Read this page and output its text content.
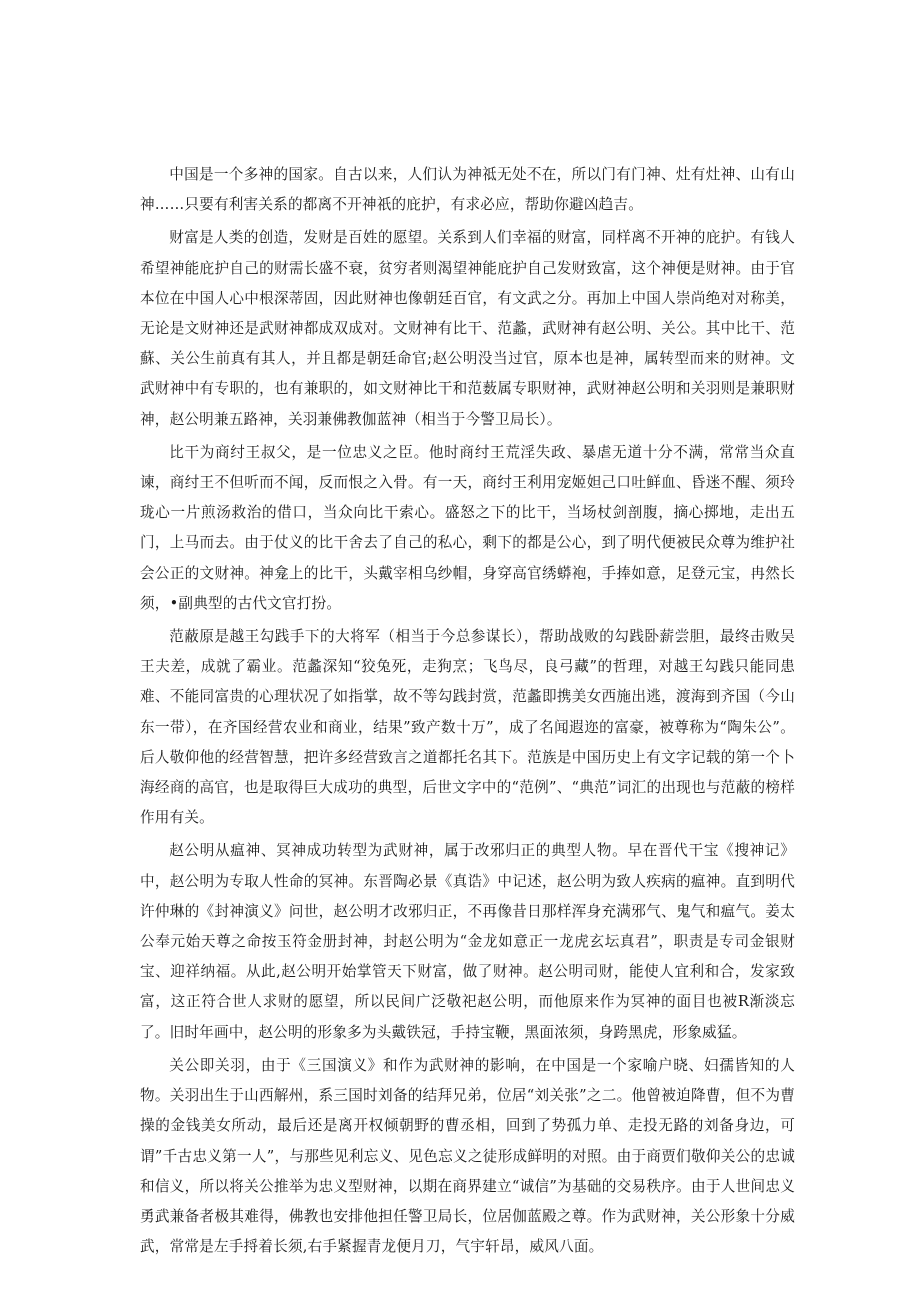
中国是一个多神的国家。自古以来，人们认为神祗无处不在，所以门有门神、灶有灶神、山有山神……只要有利害关系的都离不开神祇的庇护，有求必应，帮助你避凶趋吉。

财富是人类的创造，发财是百姓的愿望。关系到人们幸福的财富，同样离不开神的庇护。有钱人希望神能庇护自己的财需长盛不衰，贫穷者则渴望神能庇护自己发财致富，这个神便是财神。由于官本位在中国人心中根深蒂固，因此财神也像朝廷百官，有文武之分。再加上中国人崇尚绝对对称美，无论是文财神还是武财神都成双成对。文财神有比干、范蠡，武财神有赵公明、关公。其中比干、范蘇、关公生前真有其人，并且都是朝廷命官;赵公明没当过官，原本也是神，属转型而来的财神。文武财神中有专职的，也有兼职的，如文财神比干和范薮属专职财神，武财神赵公明和关羽则是兼职财神，赵公明兼五路神，关羽兼佛教伽蓝神（相当于今警卫局长）。

比干为商纣王叔父，是一位忠义之臣。他时商纣王荒淫失政、暴虐无道十分不满，常常当众直谏，商纣王不但听而不闻，反而恨之入骨。有一天，商纣王利用宠姬妲己口吐鲜血、昏迷不醒、须玲珑心一片煎汤救治的借口，当众向比干索心。盛怒之下的比干，当场杖剑剖腹，摘心掷地，走出五门，上马而去。由于仗义的比干舍去了自己的私心，剩下的都是公心，到了明代便被民众尊为维护社会公正的文财神。神龛上的比干，头戴宰相乌纱帽，身穿高官绣蟒袍，手捧如意，足登元宝，冉然长须，•副典型的古代文官打扮。

范蔽原是越王勾践手下的大将军（相当于今总参谋长），帮助战败的勾践卧薪尝胆，最终击败吴王夫差，成就了霸业。范蠡深知“狡兔死，走狗烹；飞鸟尽，良弓藏”的哲理，对越王勾践只能同患难、不能同富贵的心理状况了如指掌，故不等勾践封赏，范蠡即携美女西施出逃，渡海到齐国（今山东一带），在齐国经营农业和商业，结果”致产数十万”，成了名闻遐迩的富豪，被尊称为“陶朱公”。后人敬仰他的经营智慧，把许多经营致言之道都托名其下。范族是中国历史上有文字记载的第一个卜海经商的高官，也是取得巨大成功的典型，后世文字中的“范例”、“典范”词汇的出现也与范蔽的榜样作用有关。

赵公明从瘟神、冥神成功转型为武财神，属于改邪归正的典型人物。早在晋代干宝《搜神记》中，赵公明为专取人性命的冥神。东晋陶必景《真诰》中记述，赵公明为致人疾病的瘟神。直到明代许仲琳的《封神演义》问世，赵公明才改邪归正，不再像昔日那样浑身充满邪气、鬼气和瘟气。姜太公奉元始天尊之命按玉符金册封神，封赵公明为“金龙如意正一龙虎玄坛真君”，职责是专司金银财宝、迎祥纳福。从此,赵公明开始掌管天下财富，做了财神。赵公明司财，能使人宜利和合，发家致富，这正符合世人求财的愿望，所以民间广泛敬祀赵公明，而他原来作为冥神的面目也被R渐淡忘了。旧时年画中，赵公明的形象多为头戴铁冠，手持宝鞭，黑面浓须，身跨黑虎，形象威猛。

关公即关羽，由于《三国演义》和作为武财神的影响，在中国是一个家喻户晓、妇孺皆知的人物。关羽出生于山西解州，系三国时刘备的结拜兄弟，位居“刘关张”之二。他曾被迫降曹，但不为曹操的金钱美女所动，最后还是离开权倾朝野的曹丞相，回到了势孤力单、走投无路的刘备身边，可谓”千古忠义第一人”，与那些见利忘义、见色忘义之徒形成鲜明的对照。由于商贾们敬仰关公的忠诚和信义，所以将关公推举为忠义型财神，以期在商界建立“诚信”为基础的交易秩序。由于人世间忠义勇武兼备者极其难得，佛教也安排他担任警卫局长，位居伽蓝殿之尊。作为武财神，关公形象十分威武，常常是左手捋着长须,右手紧握青龙便月刀，气宇轩昂，威风八面。
